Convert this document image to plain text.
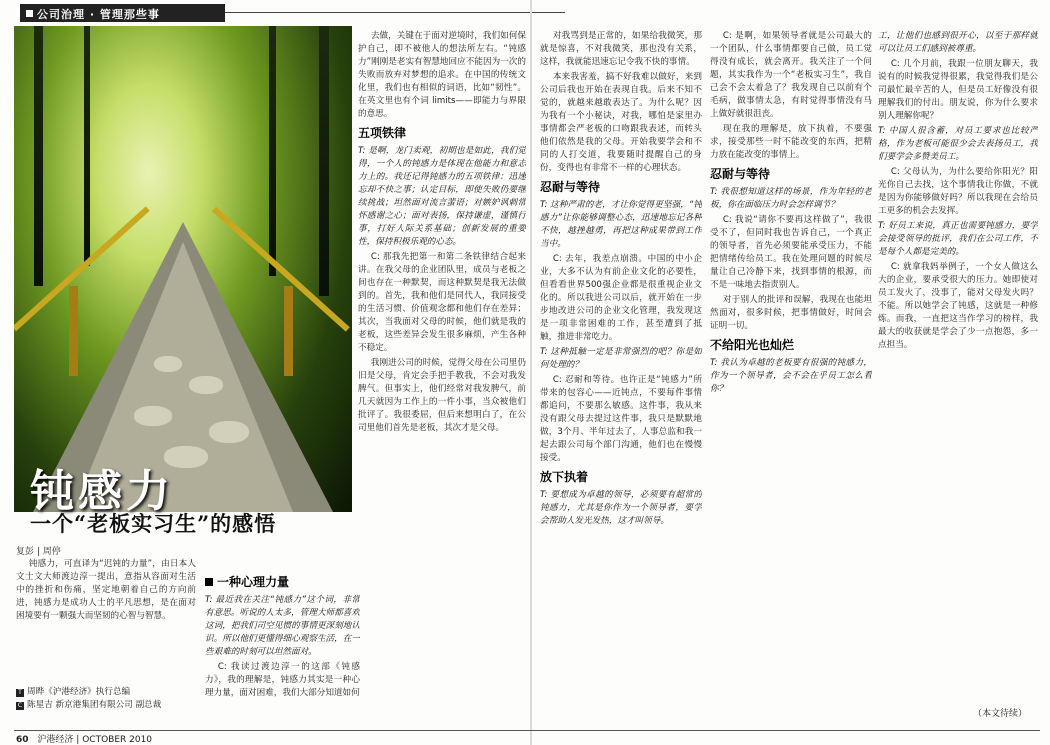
公司治理 · 管理那些事
钝感力
一个“老板实习生”的感悟
复彭 | 周停

钝感力，可直译为“迟钝的力量”，由日本人文士文大师渡边淳一提出，意指从容面对生活中的挫折和伤痛，坚定地朝着自己的方向前进，钝感力是成功人士的平凡思想，是在面对困境要有一颗强大而坚韧的心智与智慧。

T 周晔《沪港经济》执行总编
C 陈星吉 新京港集团有限公司 副总裁
一种心理力量

T: 最近我在关注“钝感力”这个词，非常有意思。听说的人太多，管理大师都喜欢这词，把我们司空见惯的事情更深刻地认识。所以他们更懂得细心观察生活，在一些艰难的时刻可以坦然面对。

C: 我读过渡边淳一的这部《钝感力》，我的理解是，钝感力其实是一种心理力量，面对困难，我们大部分知道如何

去做，关键在于面对逆境时，我们如何保护自己，即不被他人的想法所左右。“钝感力”刚刚是老实有智慧地回应不能因为一次的失败而放弃对梦想的追求。在中国的传统文化里，我们也有相似的词语，比如“韧性”。在英文里也有个词 limits——即能力与界限的意思。

五项铁律

T: 是啊，龙门卖观，初期也是如此，我们觉得，一个人的钝感力是体现在他能力和意志力上的。我还记得钝感力的五项铁律：迅速忘却不快之事；认定目标，即使失败仍要继续挑战；坦然面对流言蜚语；对嫉妒讽刺常怀感谢之心；面对表扬，保持谦虚，谨慎行事，打好人际关系基础；创新发展的重要性，保持积极乐观的心态。

C: 那我先把第一和第二条铁律结合起来讲。在我父母的企业团队里，成员与老板之间也存在一种默契，而这种默契是我无法做到的。首先，我和他们是同代人，我同接受的生活习惯、价值观念都和他们存在差异；其次，当我面对父母的时候，他们就是我的老板，这些差异会发生很多麻烦，产生各种不稳定。

我刚进公司的时候，觉得父母在公司里仍旧是父母，肯定会手把手教我，不会对我发脾气。但事实上，他们经常对我发脾气，前几天就因为工作上的一件小事，当众被他们批评了。我很委屈，但后来想明白了，在公司里他们首先是老板，其次才是父母。

对我骂到是正常的，如果给我微笑，那就是惊喜，不对我微笑，那也没有关系，这样，我就能迅速忘记令我不快的事情。

本来我害羞，搞不好我难以做好，来到公司后我也开始在表现自我。后来不知不觉的，就越来越敢表达了。为什么呢？因为我有一个小秘诀，对我，哪怕是家里办事情都会严老板的口吻跟我表述，而转头他们依然是我的父母。开始我要学会和不同的人打交道，我要随时提醒自己的身份，变得也有非常不一样的心理状态。

忍耐与等待

T: 这种严肃的老，才让你觉得更坚强，“钝感力”让你能够调整心态，迅速地忘记各种不快，越挫越勇，再把这种成果带到工作当中。

C: 去年，我差点崩溃。中国的中小企业，大多不认为有前企业文化的必要性，但看看世界500强企业都是很重视企业文化的。所以我进公司以后，就开始在一步步地改进公司的企业文化管理，我发现这是一项非常困难的工作，甚至遭到了抵触，推进非常吃力。

T: 这种抵触一定是非常强烈的吧？你是如何处理的？

C: 忍耐和等待。也许正是“钝感力”所带来的包容心——近钝点，不要每件事情都追问，不要那么敏感。这件事，我从来没有跟父母去提过这件事，我只是默默地做，3个月、半年过去了，人事总监和我一起去跟公司每个部门沟通，他们也在慢慢接受。

放下执着

T: 要想成为卓越的领导，必须要有超常的钝感力，尤其是你作为一个领导者，要学会帮助人发光发热，这才叫领导。

C: 是啊，如果领导者就是公司最大的一个团队，什么事情都要自己做，员工觉得没有成长，就会离开。我关注了一个问题，其实我作为一个“老板实习生”，我自己会不会太着急了？我发现自己以前有个毛病，做事情太急，有时觉得事情没有马上做好就很沮丧。

现在我的理解是，放下执着，不要强求，接受那些一时不能改变的东西，把精力放在能改变的事情上。

忍耐与等待

T: 我很想知道这样的场景，作为年轻的老板，你在面临压力时会怎样调节？

C: 我说“请你不要再这样做了”，我很受不了，但同时我也告诉自己，一个真正的领导者，首先必须要能承受压力，不能把情绪传给员工。我在处理问题的时候尽量让自己冷静下来，找到事情的根源，而不是一味地去指责别人。

对于别人的批评和误解，我现在也能坦然面对，很多时候，把事情做好，时间会证明一切。

不给阳光也灿烂

T: 我认为卓越的老板要有很强的钝感力，作为一个领导者，会不会在乎员工怎么看你？

工，让他们也感到很开心，以至于那样就可以让员工们感到被尊重。

C: 几个月前，我跟一位朋友聊天，我说有的时候我觉得很累，我觉得我们是公司最忙最辛苦的人，但是员工好像没有很理解我们的付出。朋友说，你为什么要求别人理解你呢？

T: 中国人很含蓄，对员工要求也比较严格，作为老板可能很少会去表扬员工，我们要学会多赞美员工。

C: 父母认为，为什么要给你阳光？阳光你自己去找，这个事情我让你做，不就是因为你能够做好吗？所以我现在会给员工更多的机会去发挥。

T: 好员工来说，真正也需要钝感力，要学会接受领导的批评，我们在公司工作，不是每个人都是完美的。

C: 就拿我妈举例子，一个女人做这么大的企业，要承受很大的压力。她即使对员工发火了，没事了，能对父母发火吗？不能。所以她学会了钝感，这就是一种修炼。而我，一直把这当作学习的榜样，我最大的收获就是学会了少一点抱怨，多一点担当。

（本文待续）
60 沪港经济 | OCTOBER 2010
